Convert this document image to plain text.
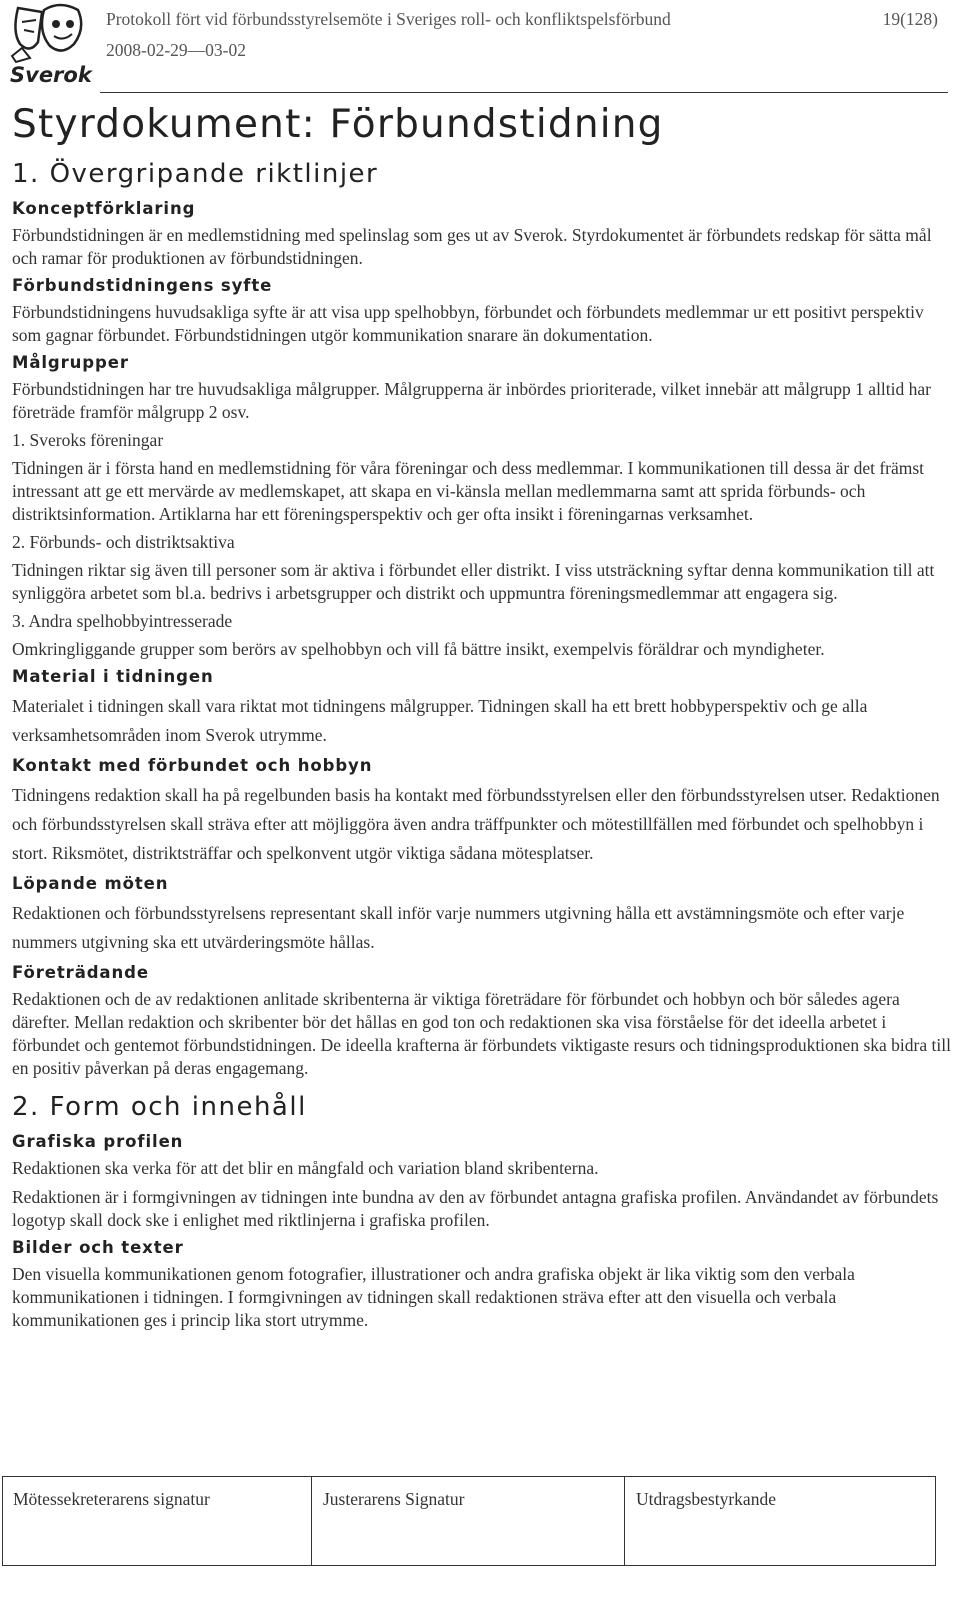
Sverok
Protokoll fört vid förbundsstyrelsemöte i Sveriges roll- och konfliktspelsförbund
2008-02-29—03-02
19(128)
Styrdokument: Förbundstidning
1. Övergripande riktlinjer
Konceptförklaring
Förbundstidningen är en medlemstidning med spelinslag som ges ut av Sverok. Styrdokumentet är förbundets redskap för sätta mål och ramar för produktionen av förbundstidningen.
Förbundstidningens syfte
Förbundstidningens huvudsakliga syfte är att visa upp spelhobbyn, förbundet och förbundets medlemmar ur ett positivt perspektiv som gagnar förbundet. Förbundstidningen utgör kommunikation snarare än dokumentation.
Målgrupper
Förbundstidningen har tre huvudsakliga målgrupper. Målgrupperna är inbördes prioriterade, vilket innebär att målgrupp 1 alltid har företräde framför målgrupp 2 osv.
1. Sveroks föreningar
Tidningen är i första hand en medlemstidning för våra föreningar och dess medlemmar. I kommunikationen till dessa är det främst intressant att ge ett mervärde av medlemskapet, att skapa en vi-känsla mellan medlemmarna samt att sprida förbunds- och distriktsinformation. Artiklarna har ett föreningsperspektiv och ger ofta insikt i föreningarnas verksamhet.
2. Förbunds- och distriktsaktiva
Tidningen riktar sig även till personer som är aktiva i förbundet eller distrikt. I viss utsträckning syftar denna kommunikation till att synliggöra arbetet som bl.a. bedrivs i arbetsgrupper och distrikt och uppmuntra föreningsmedlemmar att engagera sig.
3. Andra spelhobbyintresserade
Omkringliggande grupper som berörs av spelhobbyn och vill få bättre insikt, exempelvis föräldrar och myndigheter.
Material i tidningen
Materialet i tidningen skall vara riktat mot tidningens målgrupper. Tidningen skall ha ett brett hobbyperspektiv och ge alla verksamhetsområden inom Sverok utrymme.
Kontakt med förbundet och hobbyn
Tidningens redaktion skall ha på regelbunden basis ha kontakt med förbundsstyrelsen eller den förbundsstyrelsen utser. Redaktionen och förbundsstyrelsen skall sträva efter att möjliggöra även andra träffpunkter och mötestillfällen med förbundet och spelhobbyn i stort. Riksmötet, distriktsträffar och spelkonvent utgör viktiga sådana mötesplatser.
Löpande möten
Redaktionen och förbundsstyrelsens representant skall inför varje nummers utgivning hålla ett avstämningsmöte och efter varje nummers utgivning ska ett utvärderingsmöte hållas.
Företrädande
Redaktionen och de av redaktionen anlitade skribenterna är viktiga företrädare för förbundet och hobbyn och bör således agera därefter. Mellan redaktion och skribenter bör det hållas en god ton och redaktionen ska visa förståelse för det ideella arbetet i förbundet och gentemot förbundstidningen. De ideella krafterna är förbundets viktigaste resurs och tidningsproduktionen ska bidra till en positiv påverkan på deras engagemang.
2. Form och innehåll
Grafiska profilen
Redaktionen ska verka för att det blir en mångfald och variation bland skribenterna.
Redaktionen är i formgivningen av tidningen inte bundna av den av förbundet antagna grafiska profilen. Användandet av förbundets logotyp skall dock ske i enlighet med riktlinjerna i grafiska profilen.
Bilder och texter
Den visuella kommunikationen genom fotografier, illustrationer och andra grafiska objekt är lika viktig som den verbala kommunikationen i tidningen. I formgivningen av tidningen skall redaktionen sträva efter att den visuella och verbala kommunikationen ges i princip lika stort utrymme.
Mötessekreterarens signatur	Justerarens Signatur	Utdragsbestyrkande
